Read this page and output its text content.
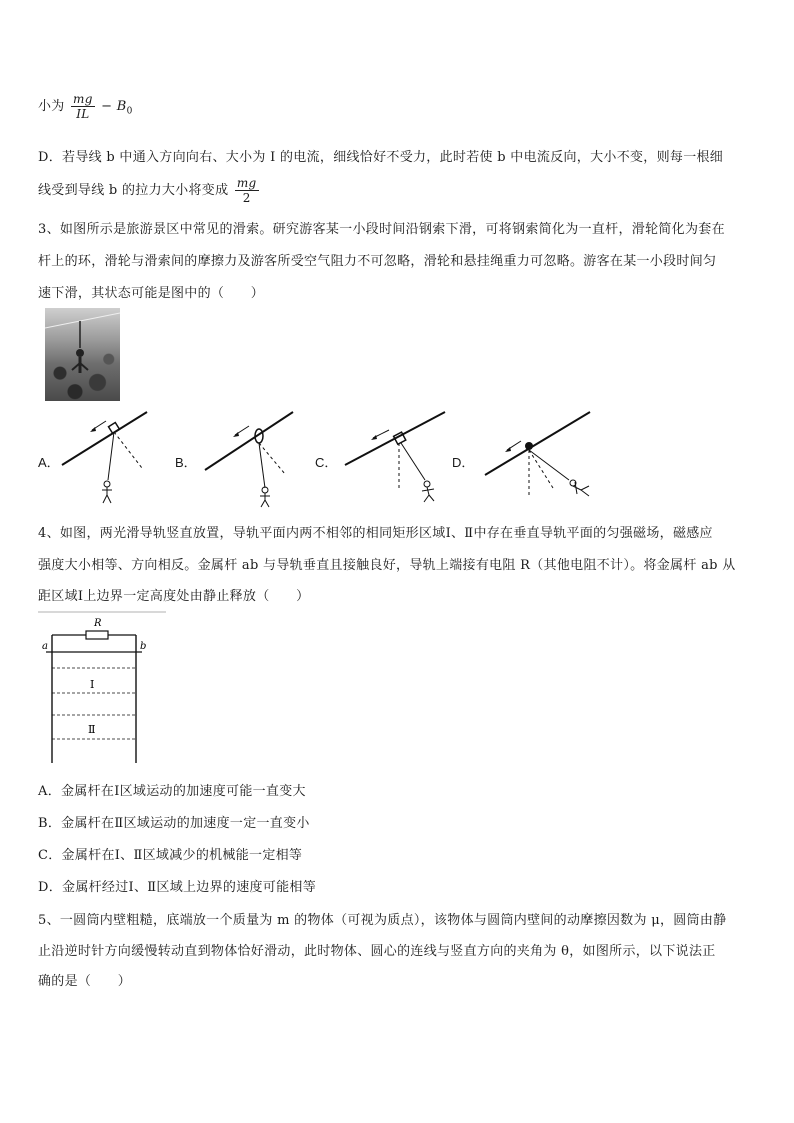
小为 $\frac{mg}{IL} - B_0$
D．若导线 b 中通入方向向右、大小为 I 的电流，细线恰好不受力，此时若使 b 中电流反向，大小不变，则每一根细
线受到导线 b 的拉力大小将变成 $\frac{mg}{2}$
3、如图所示是旅游景区中常见的滑索。研究游客某一小段时间沿钢索下滑，可将钢索简化为一直杆，滑轮简化为套在
杆上的环，滑轮与滑索间的摩擦力及游客所受空气阻力不可忽略，滑轮和悬挂绳重力可忽略。游客在某一小段时间匀
速下滑，其状态可能是图中的（　　）
A．	B．	C．	D．
4、如图，两光滑导轨竖直放置，导轨平面内两不相邻的相同矩形区域Ⅰ、Ⅱ中存在垂直导轨平面的匀强磁场，磁感应
强度大小相等、方向相反。金属杆 ab 与导轨垂直且接触良好，导轨上端接有电阻 R（其他电阻不计）。将金属杆 ab 从
距区域Ⅰ上边界一定高度处由静止释放（　　）
R
a	b
Ⅰ
Ⅱ
A．金属杆在Ⅰ区域运动的加速度可能一直变大
B．金属杆在Ⅱ区域运动的加速度一定一直变小
C．金属杆在Ⅰ、Ⅱ区域减少的机械能一定相等
D．金属杆经过Ⅰ、Ⅱ区域上边界的速度可能相等
5、一圆筒内壁粗糙，底端放一个质量为 m 的物体（可视为质点），该物体与圆筒内壁间的动摩擦因数为 μ，圆筒由静
止沿逆时针方向缓慢转动直到物体恰好滑动，此时物体、圆心的连线与竖直方向的夹角为 θ，如图所示，以下说法正
确的是（　　）
